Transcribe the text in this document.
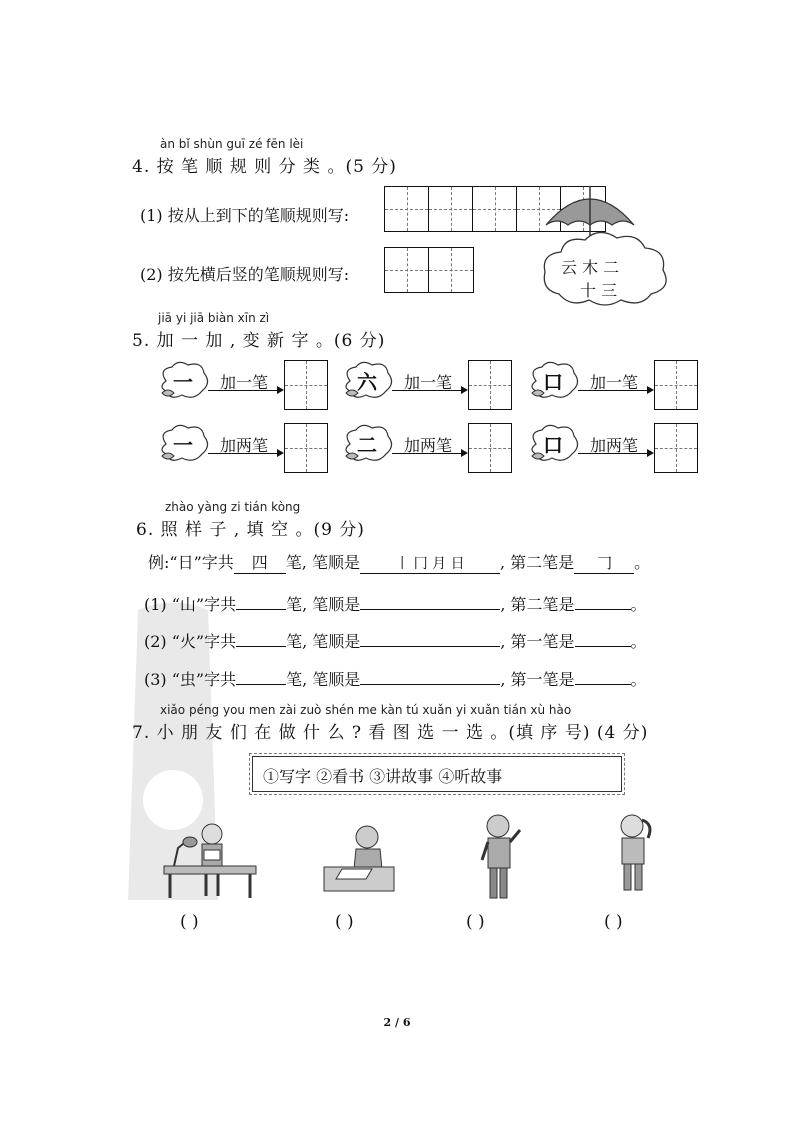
àn bǐ shùn guī zé fēn lèi
4. 按 笔 顺 规 则 分 类 。(5 分)
(1) 按从上到下的笔顺规则写:
(2) 按先横后竖的笔顺规则写:	云 木 二
十 三
jiā yi jiā biàn xīn zì
5. 加 一 加 , 变 新 字 。(6 分)
一	加一笔	六	加一笔	口	加一笔
一	加两笔	二	加两笔	口	加两笔
zhào yàng zi tián kòng
6. 照 样 子 , 填 空 。(9 分)
例:“日”字共 四 笔, 笔顺是	丨 冂 月 日 , 第二笔是 𠃌 。
(1) “山”字共	笔, 笔顺是	, 第二笔是	。
(2) “火”字共	笔, 笔顺是	, 第一笔是	。
(3) “虫”字共	笔, 笔顺是	, 第一笔是	。
xiǎo péng you men zài zuò shén me kàn tú xuǎn yi xuǎn tián xù hào
7. 小 朋 友 们 在 做 什 么 ? 看 图 选 一 选 。(填 序 号) (4 分)
①写字 ②看书 ③讲故事 ④听故事
( )	( )	( )	( )
2 / 6
